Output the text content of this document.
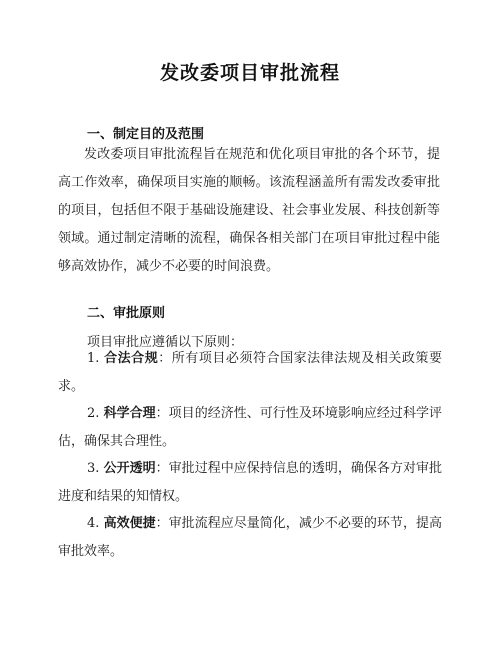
发改委项目审批流程
一、制定目的及范围
发改委项目审批流程旨在规范和优化项目审批的各个环节，提高工作效率，确保项目实施的顺畅。该流程涵盖所有需发改委审批的项目，包括但不限于基础设施建设、社会事业发展、科技创新等领域。通过制定清晰的流程，确保各相关部门在项目审批过程中能够高效协作，减少不必要的时间浪费。
二、审批原则
项目审批应遵循以下原则：
1. 合法合规：所有项目必须符合国家法律法规及相关政策要求。
2. 科学合理：项目的经济性、可行性及环境影响应经过科学评估，确保其合理性。
3. 公开透明：审批过程中应保持信息的透明，确保各方对审批进度和结果的知情权。
4. 高效便捷：审批流程应尽量简化，减少不必要的环节，提高审批效率。
